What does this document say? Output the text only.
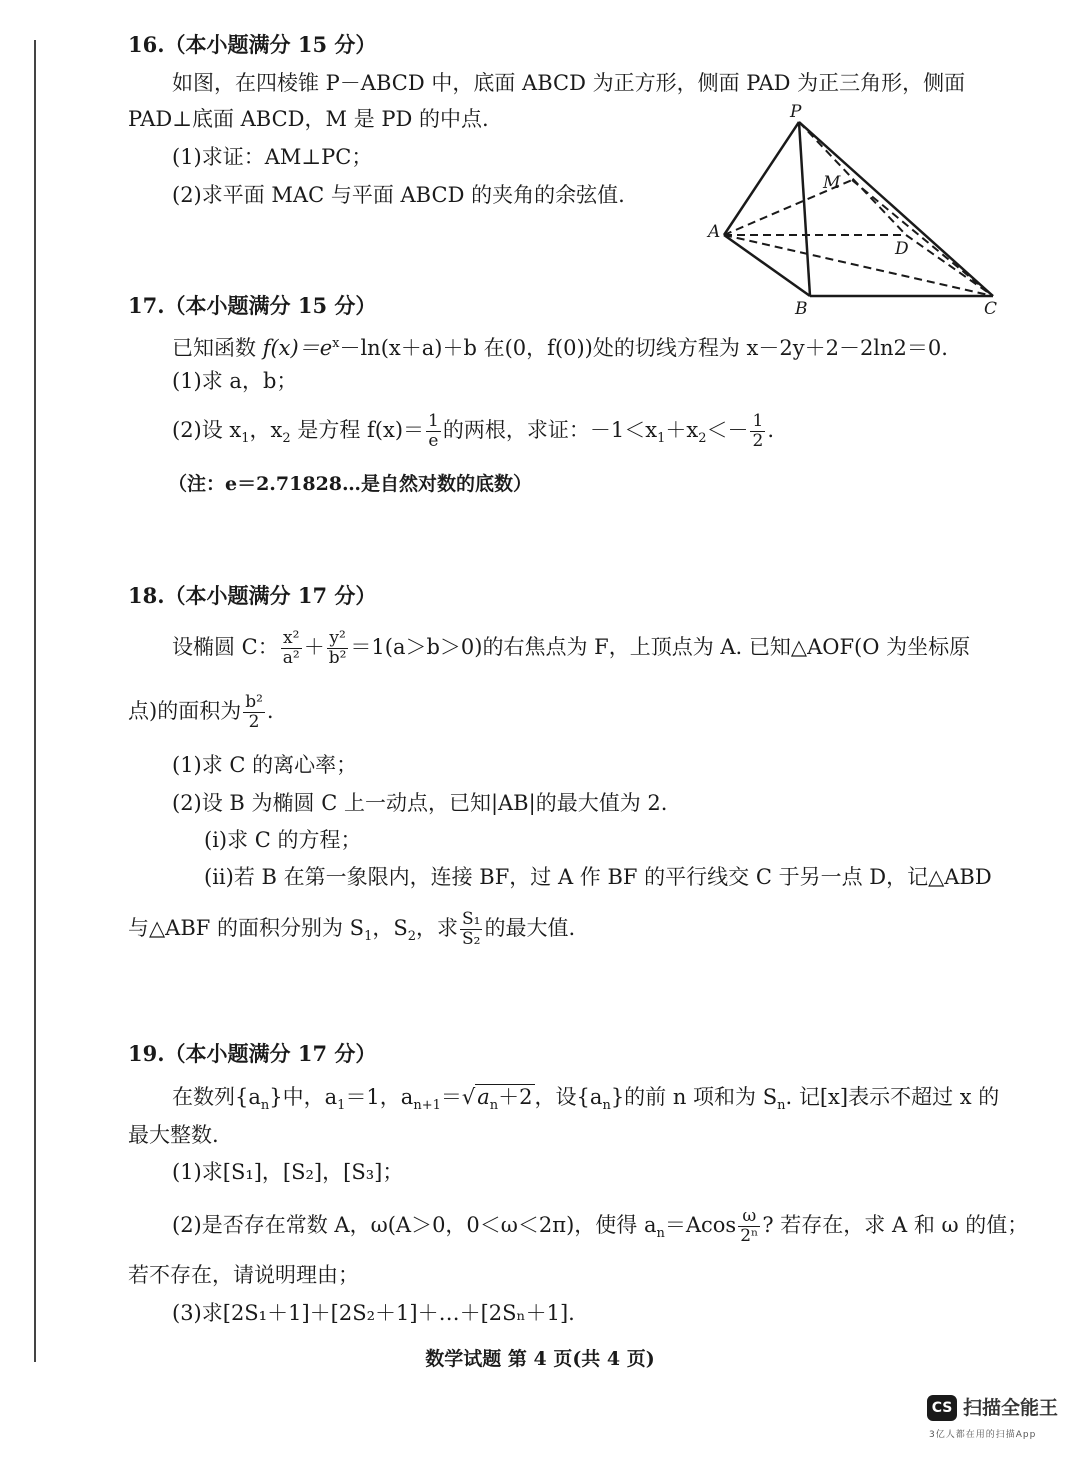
16.（本小题满分 15 分）
如图，在四棱锥 P－ABCD 中，底面 ABCD 为正方形，侧面 PAD 为正三角形，侧面
PAD⊥底面 ABCD，M 是 PD 的中点.
(1)求证：AM⊥PC；
(2)求平面 MAC 与平面 ABCD 的夹角的余弦值.
P
M
A
D
B	C
17.（本小题满分 15 分）
已知函数 $f(x)=e^x-\ln(x+a)+b$ 在(0，f(0))处的切线方程为 x－2y＋2－2ln2＝0.
(1)求 a，b；
(2)设 $x_1$，$x_2$ 是方程 $f(x)= \frac{1}{e}$ 的两根，求证：$-1<x_1+x_2<- \frac{1}{2}$ .
（注：e＝2.71828…是自然对数的底数）
18.（本小题满分 17 分）
设椭圆 C： $\frac{\text{x²}}{\text{a²}} + \frac{\text{y²}}{\text{b²}} =1(a>b>0)$的右焦点为 F，上顶点为 A. 已知△AOF(O 为坐标原
点)的面积为 $\frac{\text{b²}}{2}$ .
(1)求 C 的离心率；
(2)设 B 为椭圆 C 上一动点，已知|AB|的最大值为 2.
(i)求 C 的方程；
(ii)若 B 在第一象限内，连接 BF，过 A 作 BF 的平行线交 C 于另一点 D，记△ABD
与△ABF 的面积分别为 $S_1$，$S_2$，求 $\frac{\text{S₁}}{\text{S₂}}$ 的最大值.
19.（本小题满分 17 分）
在数列$\{a_n\}$中，$a_1=1$，$a_{n+1}=√a_n+2$，设$\{a_n\}$的前 n 项和为 $S_n$. 记[x]表示不超过 x 的
最大整数.
(1)求[S₁]，[S₂]，[S₃]；
(2)是否存在常数 A，ω(A＞0，0＜ω＜2π)，使得 $a_n=Acos \frac{\omega}{\text{2ⁿ}}$ ? 若存在，求 A 和 ω 的值；
若不存在，请说明理由；
(3)求[2S₁＋1]＋[2S₂＋1]＋…＋[2Sₙ＋1].
数学试题 第 4 页(共 4 页)
CS 扫描全能王
3亿人都在用的扫描App
